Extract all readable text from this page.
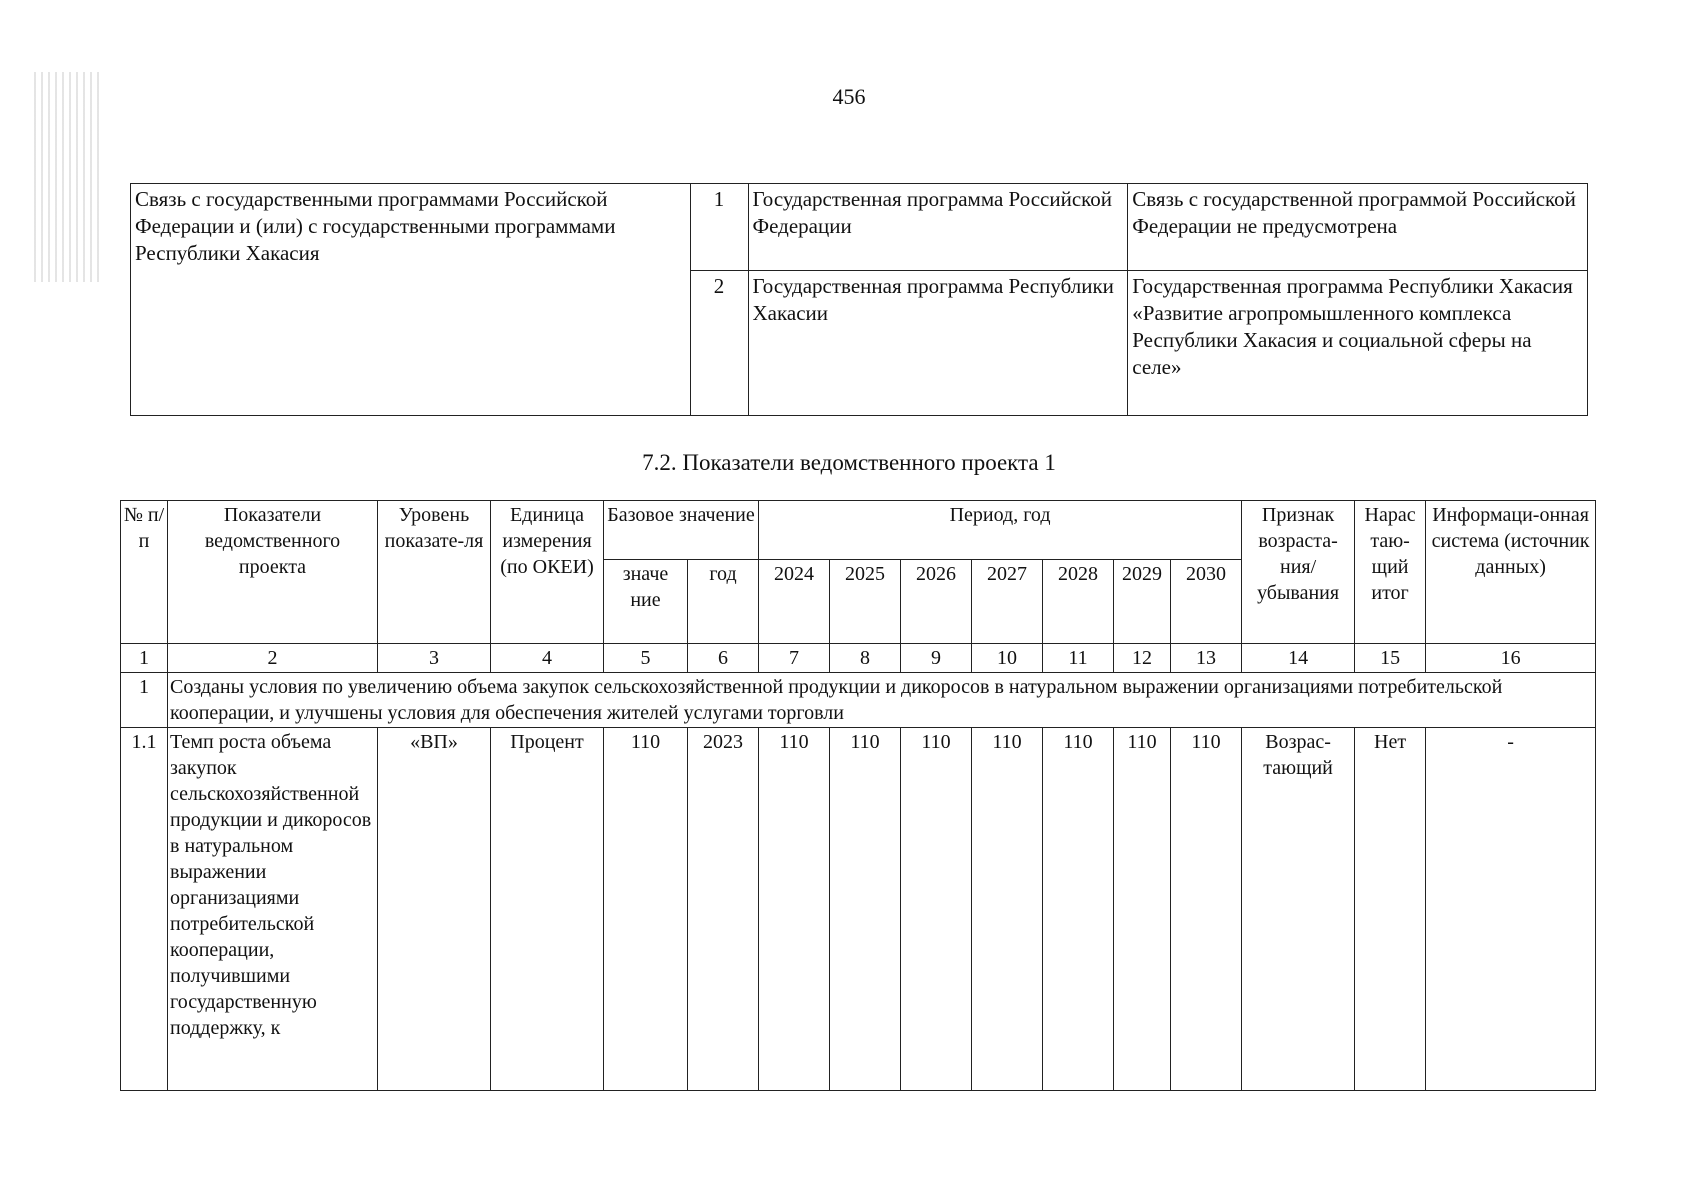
456
Связь с государственными программами Российской Федерации и (или) с государственными программами Республики Хакасия	1	Государственная программа Российской Федерации	Связь с государственной программой Российской Федерации не предусмотрена
	2	Государственная программа Республики Хакасии	Государственная программа Республики Хакасия «Развитие агропромышленного комплекса Республики Хакасия и социальной сферы на селе»
7.2. Показатели ведомственного проекта 1
№ п/п	Показатели ведомственного проекта	Уровень показате-ля	Единица измерения (по ОКЕИ)	Базовое значение		Период, год							Признак возраста-ния/ убывания	Нарас таю-щий итог	Информаци-онная система (источник данных)
				значе ние	год	2024	2025	2026	2027	2028	2029	2030			
1	2	3	4	5	6	7	8	9	10	11	12	13	14	15	16
1	Созданы условия по увеличению объема закупок сельскохозяйственной продукции и дикоросов в натуральном выражении организациями потребительской кооперации, и улучшены условия для обеспечения жителей услугами торговли														
1.1	Темп роста объема закупок сельскохозяйственной продукции и дикоросов в натуральном выражении организациями потребительской кооперации, получившими государственную поддержку, к	«ВП»	Процент	110	2023	110	110	110	110	110	110	110	Возрас-тающий	Нет	-
